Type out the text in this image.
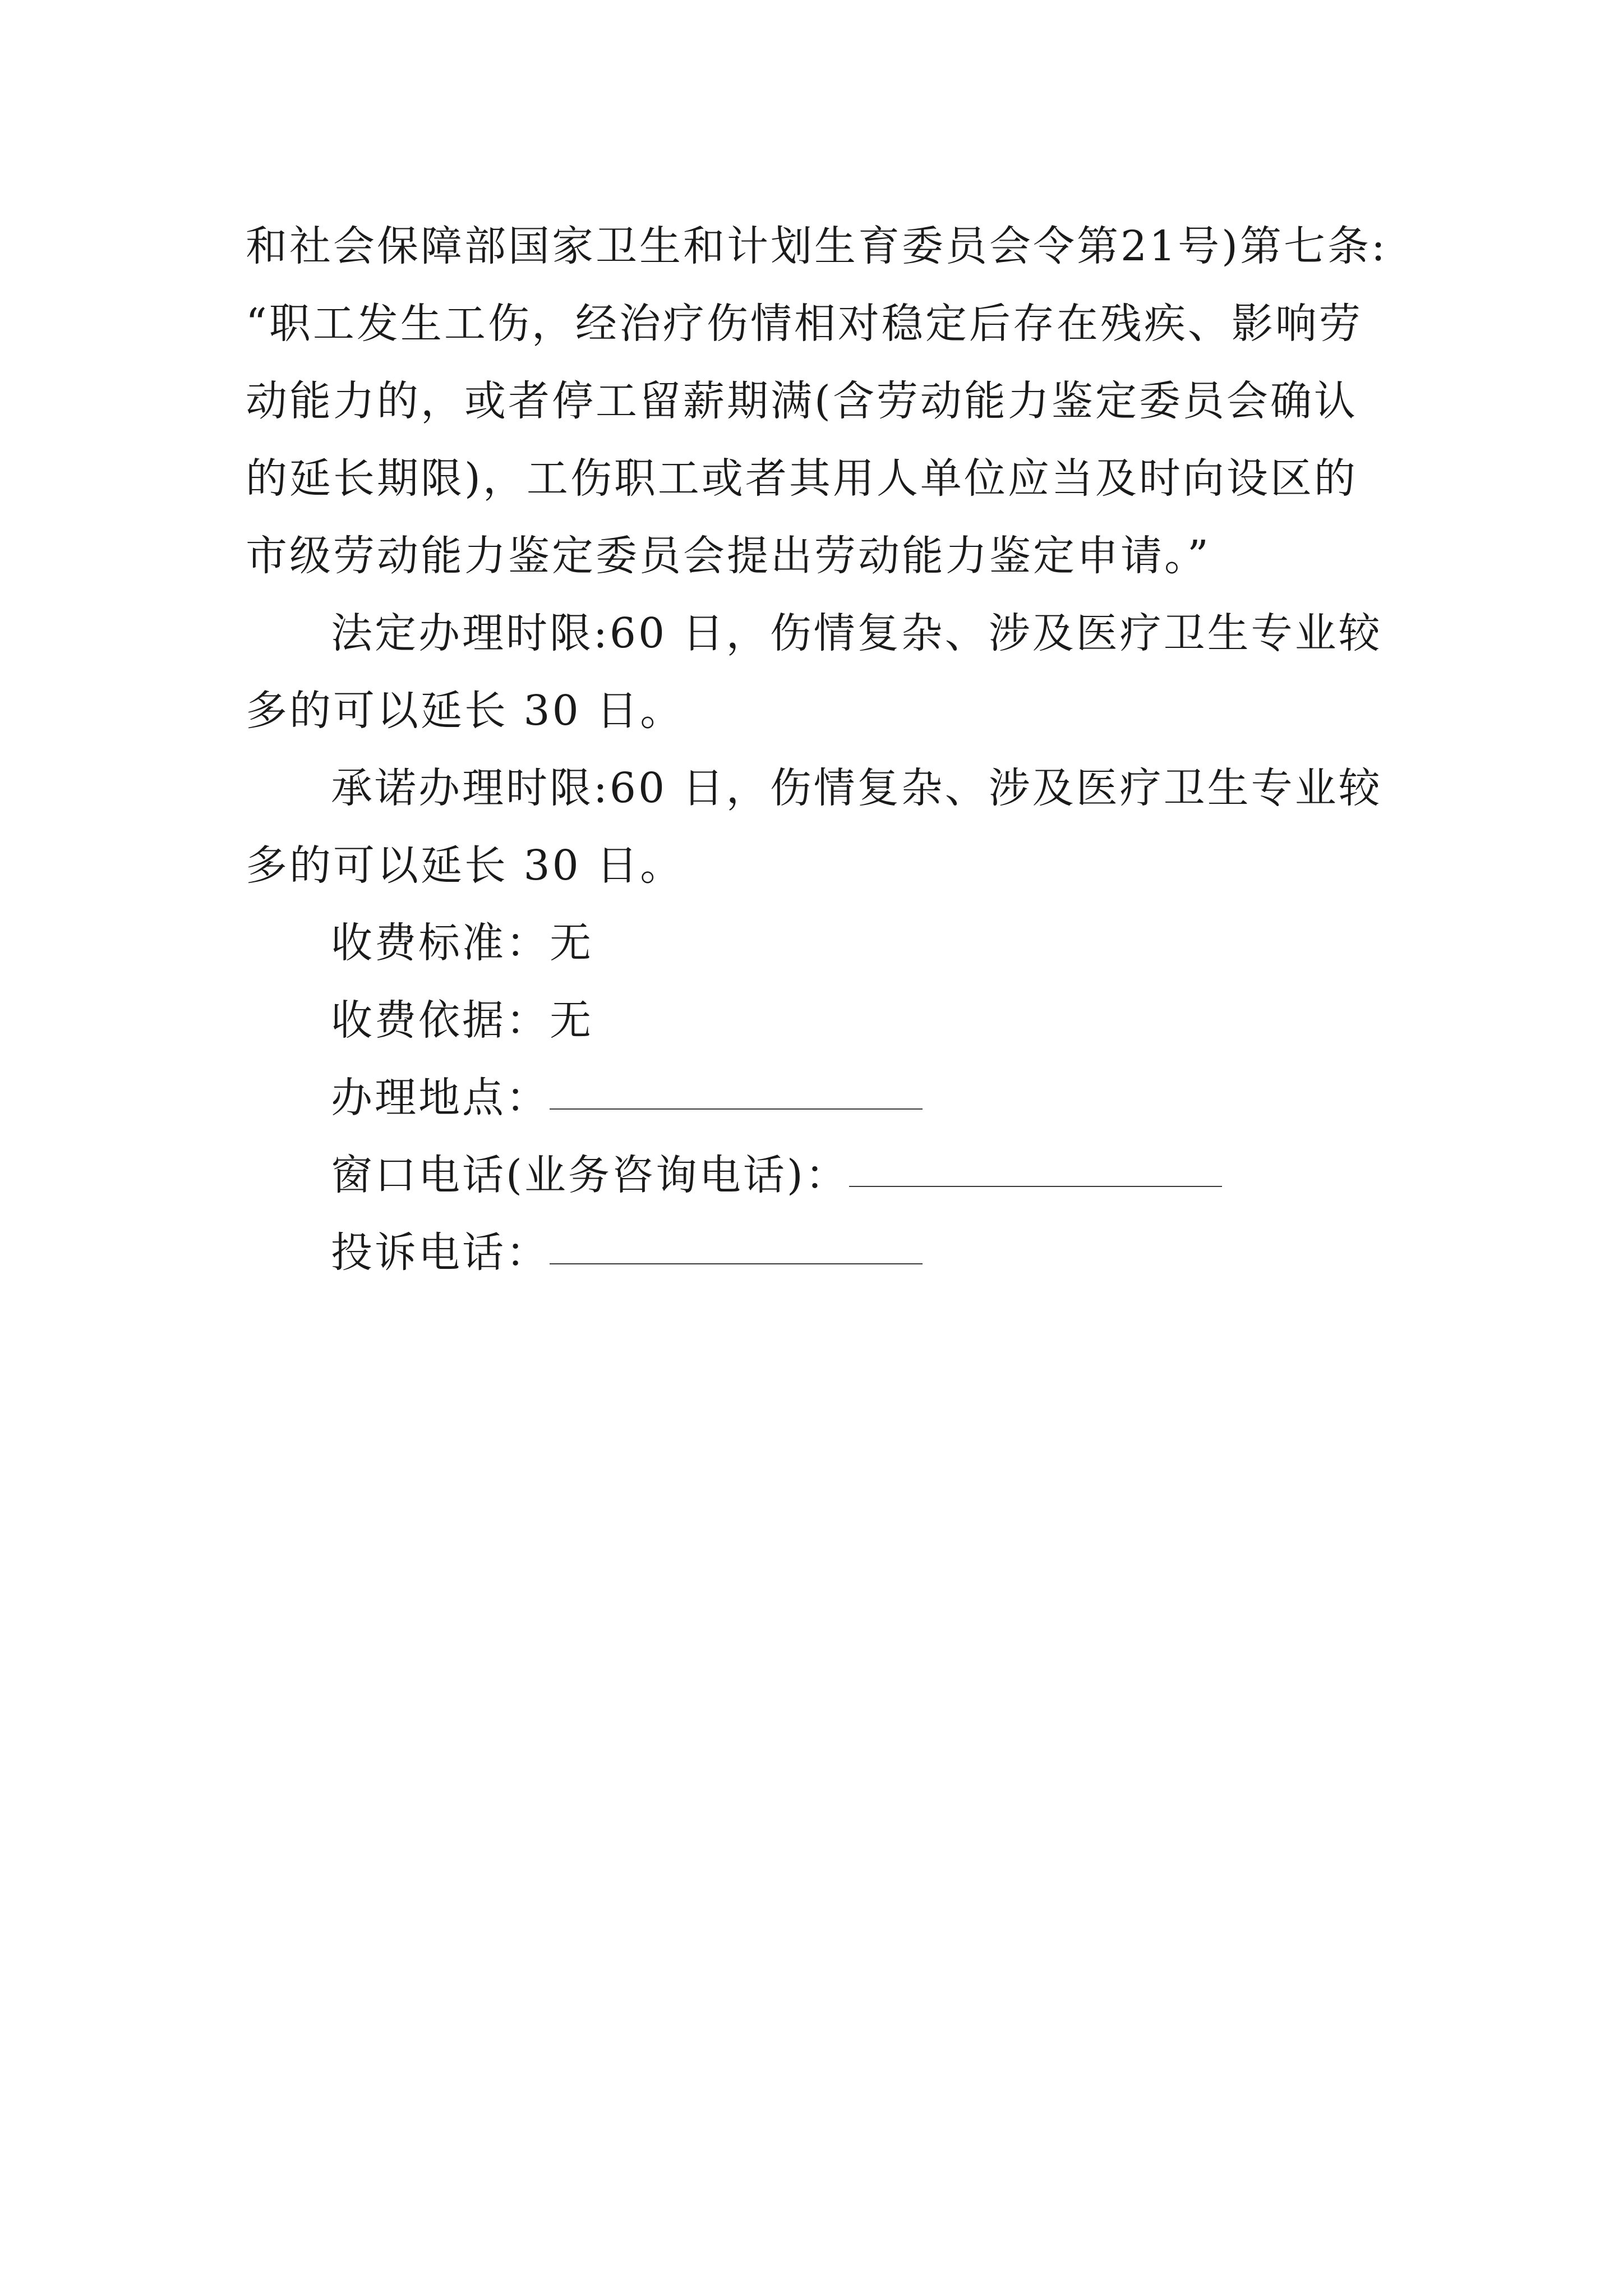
和社会保障部国家卫生和计划生育委员会令第21号)第七条:
“职工发生工伤，经治疗伤情相对稳定后存在残疾、影响劳
动能力的，或者停工留薪期满(含劳动能力鉴定委员会确认
的延长期限)，工伤职工或者其用人单位应当及时向设区的
市级劳动能力鉴定委员会提出劳动能力鉴定申请。”
法定办理时限:60 日，伤情复杂、涉及医疗卫生专业较
多的可以延长 30 日。
承诺办理时限:60 日，伤情复杂、涉及医疗卫生专业较
多的可以延长 30 日。
收费标准：无
收费依据：无
办理地点：
窗口电话(业务咨询电话)：
投诉电话：
